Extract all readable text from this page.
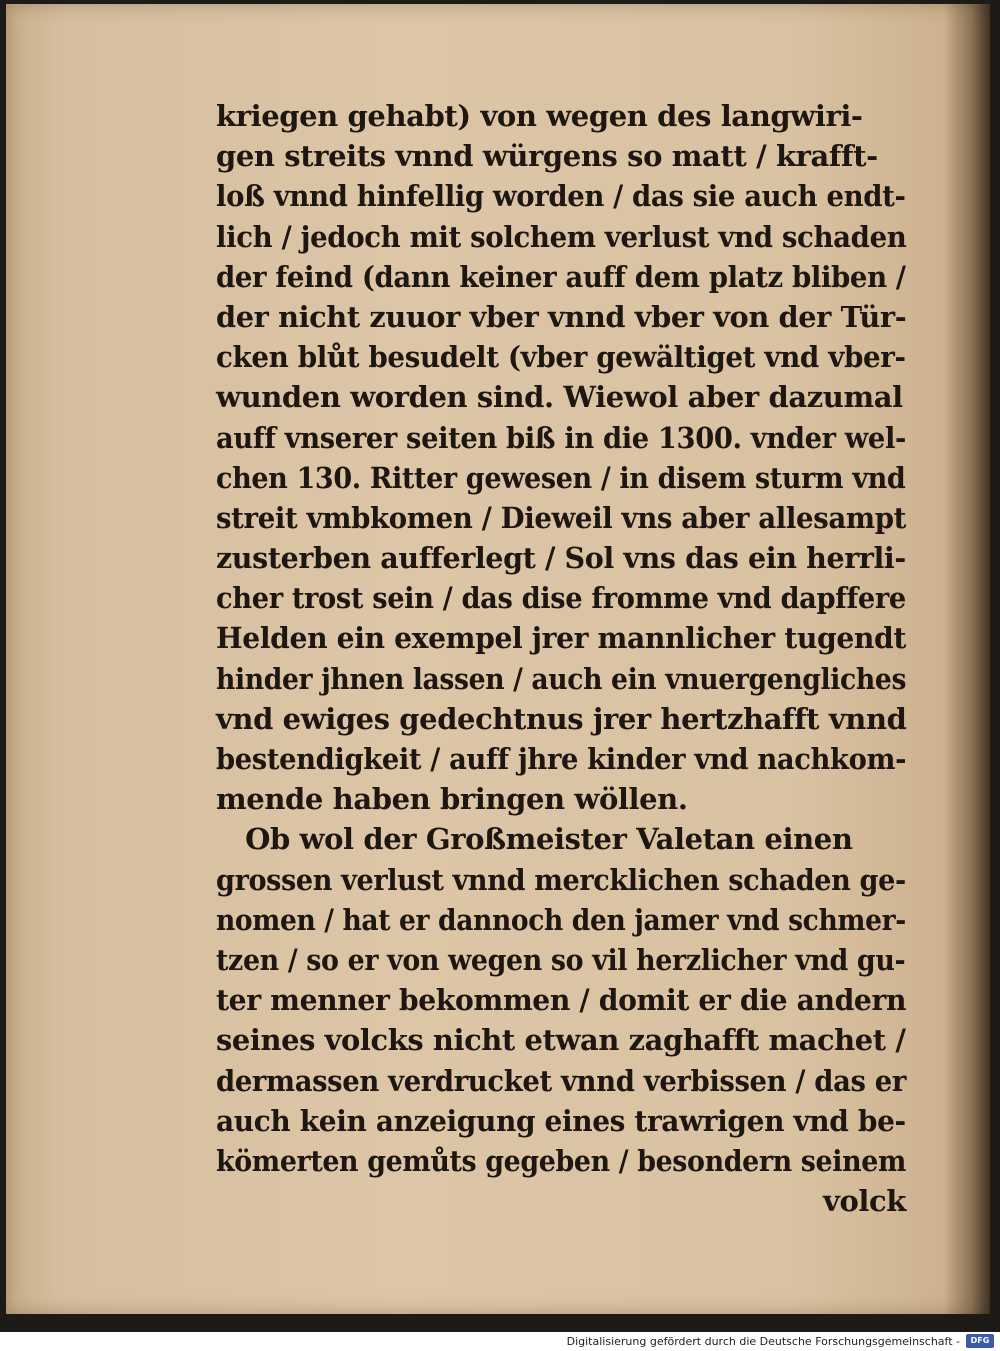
kriegen gehabt) von wegen des langwiri-
gen streits vnnd würgens so matt / krafft-
loß vnnd hinfellig worden / das sie auch endt-
lich / jedoch mit solchem verlust vnd schaden
der feind (dann keiner auff dem platz bliben /
der nicht zuuor vber vnnd vber von der Tür-
cken blůt besudelt (vber gewältiget vnd vber-
wunden worden sind. Wiewol aber dazumal
auff vnserer seiten biß in die 1300. vnder wel-
chen 130. Ritter gewesen / in disem sturm vnd
streit vmbkomen / Dieweil vns aber allesampt
zusterben aufferlegt / Sol vns das ein herrli-
cher trost sein / das dise fromme vnd dapffere
Helden ein exempel jrer mannlicher tugendt
hinder jhnen lassen / auch ein vnuergengliches
vnd ewiges gedechtnus jrer hertzhafft vnnd
bestendigkeit / auff jhre kinder vnd nachkom-
mende haben bringen wöllen.
Ob wol der Großmeister Valetan einen
grossen verlust vnnd mercklichen schaden ge-
nomen / hat er dannoch den jamer vnd schmer-
tzen / so er von wegen so vil herzlicher vnd gu-
ter menner bekommen / domit er die andern
seines volcks nicht etwan zaghafft machet /
dermassen verdrucket vnnd verbissen / das er
auch kein anzeigung eines trawrigen vnd be-
kömerten gemůts gegeben / besondern seinem
volck
Digitalisierung gefördert durch die Deutsche Forschungsgemeinschaft -	DFG
